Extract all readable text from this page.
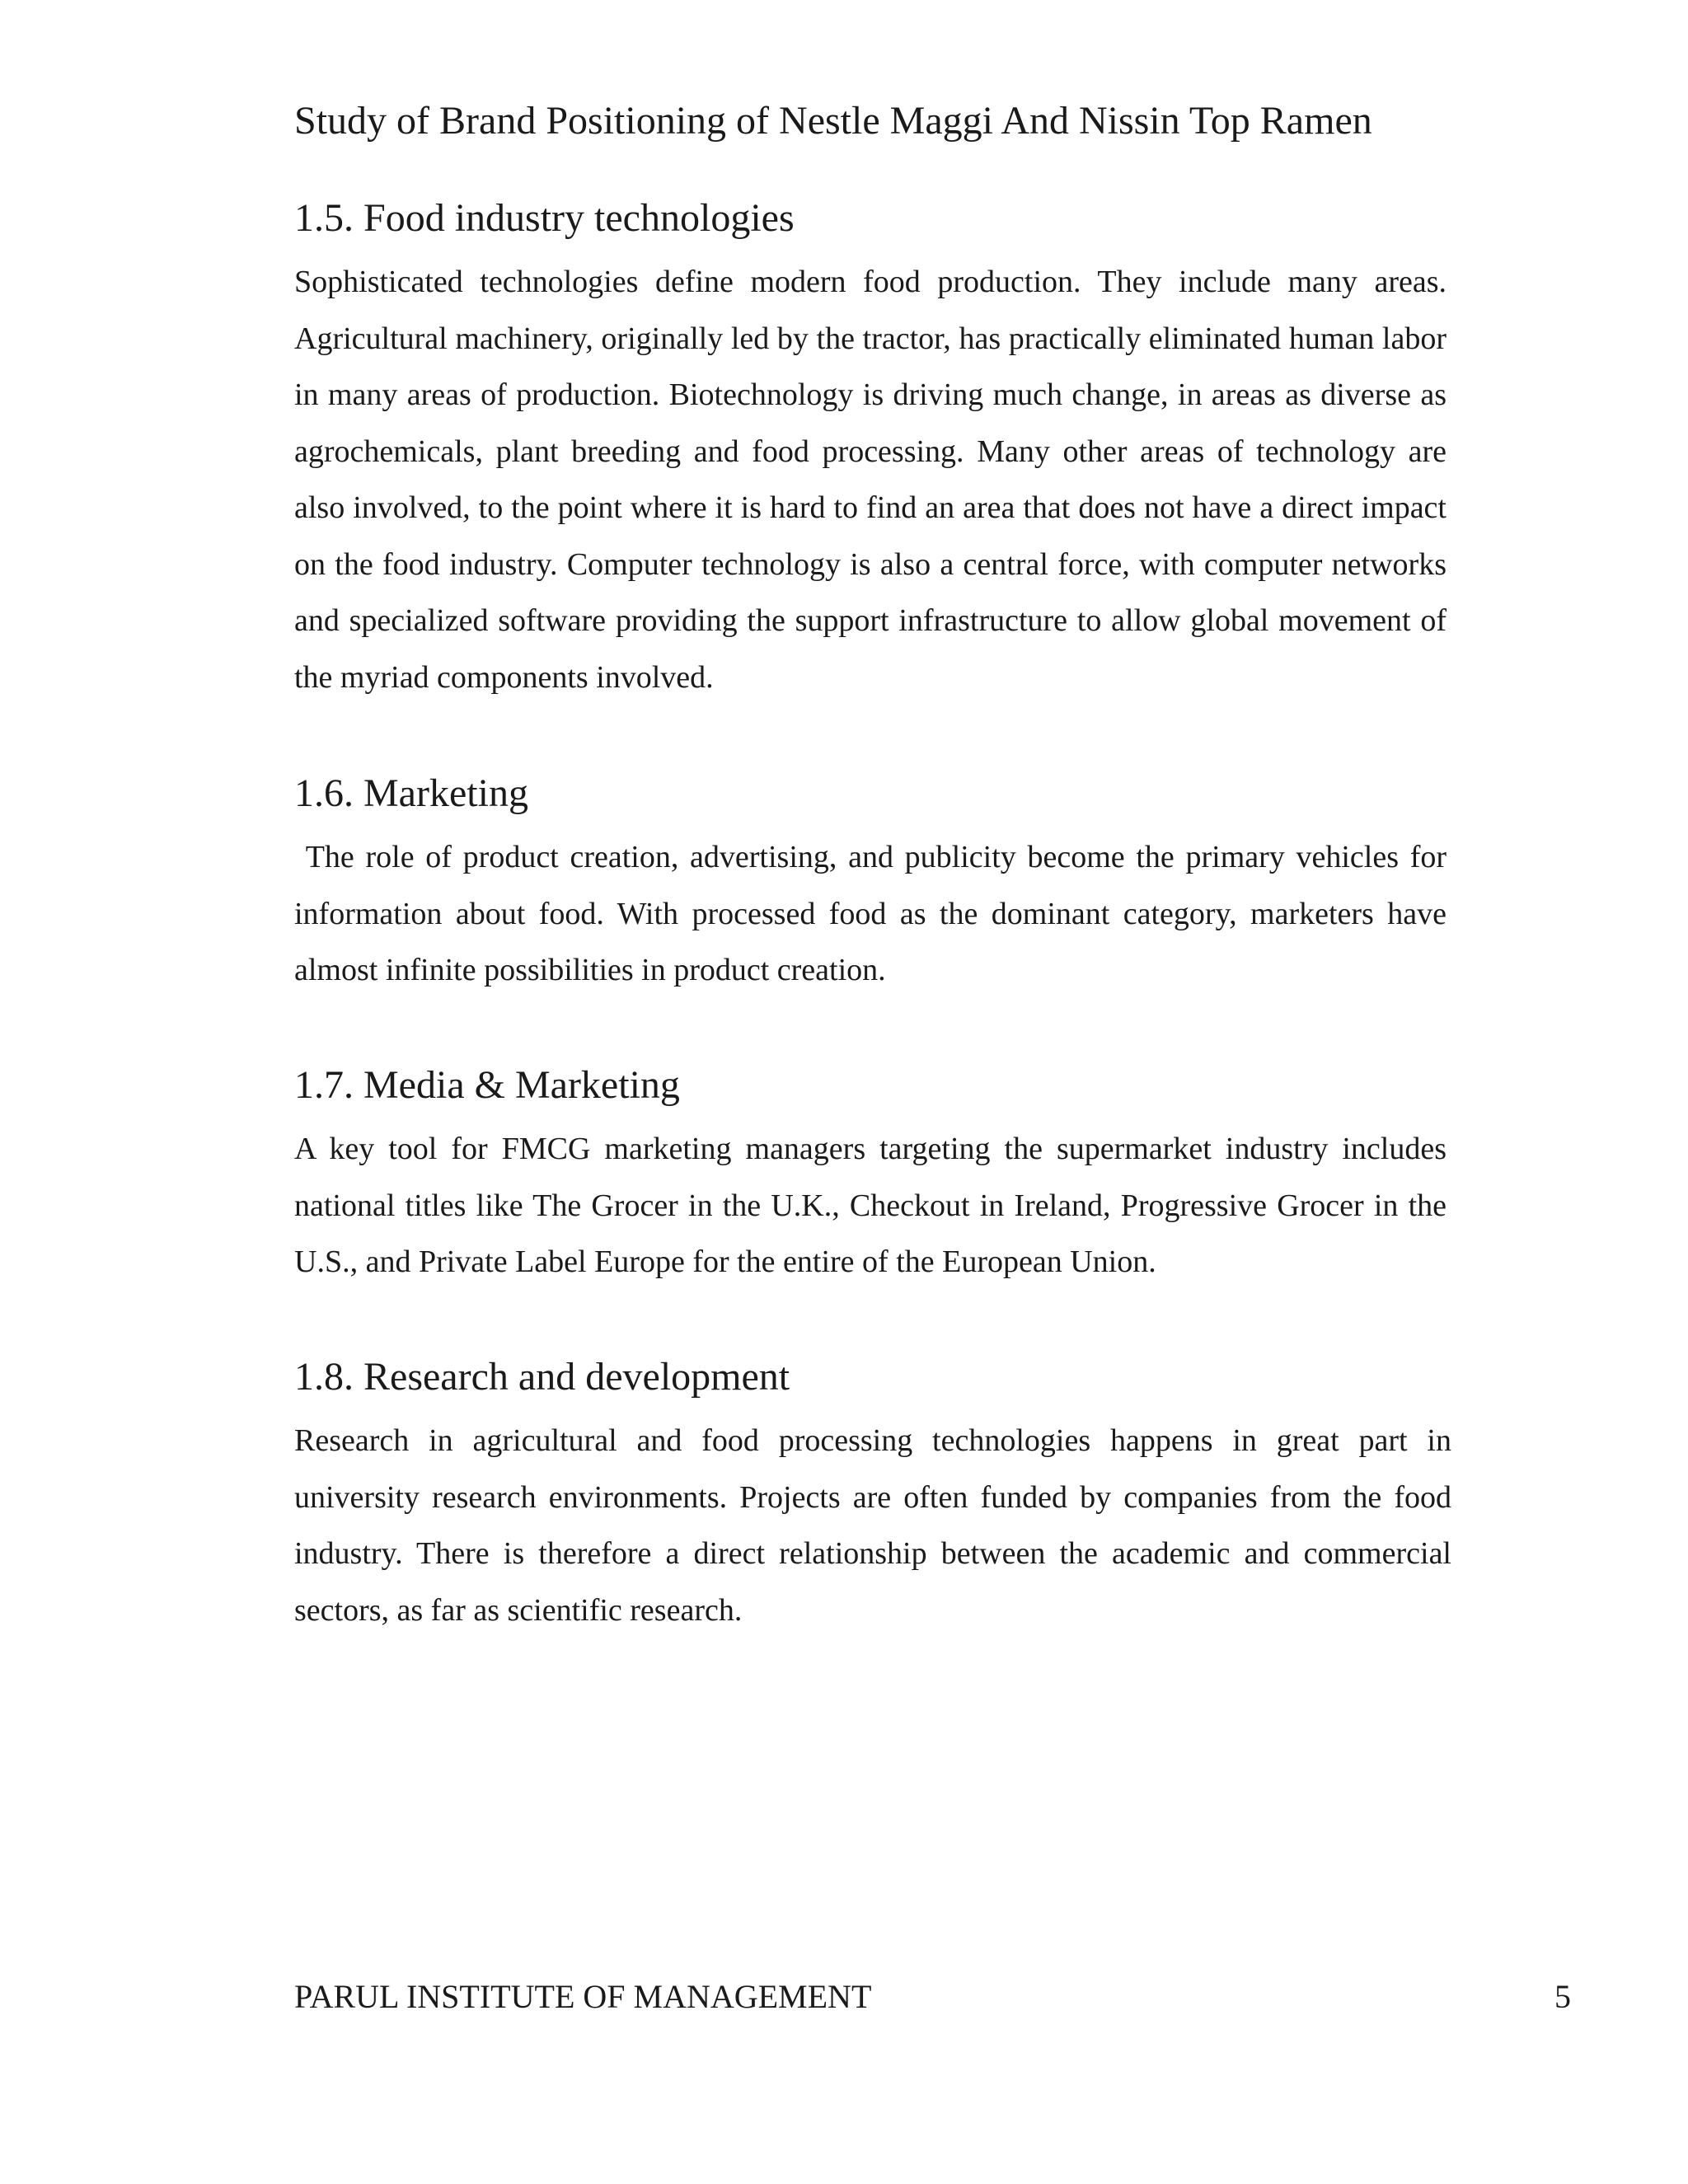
Study of Brand Positioning of Nestle Maggi And Nissin Top Ramen
1.5. Food industry technologies

Sophisticated technologies define modern food production. They include many areas. Agricultural machinery, originally led by the tractor, has practically eliminated human labor in many areas of production. Biotechnology is driving much change, in areas as diverse as agrochemicals, plant breeding and food processing. Many other areas of technology are also involved, to the point where it is hard to find an area that does not have a direct impact on the food industry. Computer technology is also a central force, with computer networks and specialized software providing the support infrastructure to allow global movement of the myriad components involved.

1.6. Marketing

The role of product creation, advertising, and publicity become the primary vehicles for information about food. With processed food as the dominant category, marketers have almost infinite possibilities in product creation.

1.7. Media & Marketing

A key tool for FMCG marketing managers targeting the supermarket industry includes national titles like The Grocer in the U.K., Checkout in Ireland, Progressive Grocer in the U.S., and Private Label Europe for the entire of the European Union.

1.8. Research and development

Research in agricultural and food processing technologies happens in great part in university research environments. Projects are often funded by companies from the food industry. There is therefore a direct relationship between the academic and commercial sectors, as far as scientific research.

PARUL INSTITUTE OF MANAGEMENT	5
